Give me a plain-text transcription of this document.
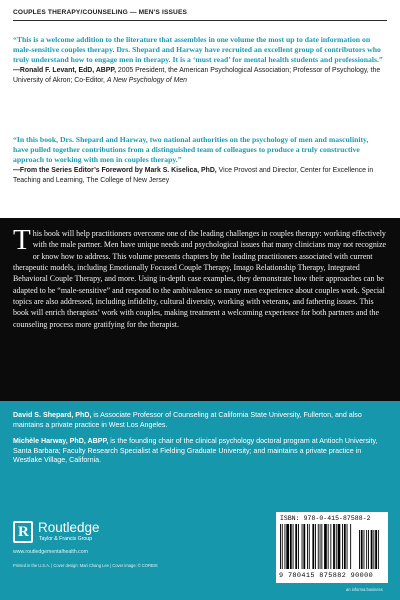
COUPLES THERAPY/COUNSELING — MEN'S ISSUES

“This is a welcome addition to the literature that assembles in one volume the most up to date information on male-sensitive couples therapy. Drs. Shepard and Harway have recruited an excellent group of contributors who truly understand how to engage men in therapy. It is a ‘must read’ for mental health students and professionals.”

—Ronald F. Levant, EdD, ABPP, 2005 President, the American Psychological Association; Professor of Psychology, the University of Akron; Co-Editor, A New Psychology of Men

“In this book, Drs. Shepard and Harway, two national authorities on the psychology of men and masculinity, have pulled together contributions from a distinguished team of colleagues to produce a truly constructive approach to working with men in couples therapy.”

—From the Series Editor’s Foreword by Mark S. Kiselica, PhD, Vice Provost and Director, Center for Excellence in Teaching and Learning, The College of New Jersey

This book will help practitioners overcome one of the leading challenges in couples therapy: working effectively with the male partner. Men have unique needs and psychological issues that many clinicians may not recognize or know how to address. This volume presents chapters by the leading practitioners associated with current therapeutic models, including Emotionally Focused Couple Therapy, Imago Relationship Therapy, Integrated Behavioral Couple Therapy, and more. Using in-depth case examples, they demonstrate how their approaches can be adapted to be “male-sensitive” and respond to the ambivalence so many men experience about couples work. Special topics are also addressed, including infidelity, cultural diversity, working with veterans, and fathering issues. This book will enrich therapists’ work with couples, making treatment a welcoming experience for both partners and the counseling process more gratifying for the therapist.

David S. Shepard, PhD, is Associate Professor of Counseling at California State University, Fullerton, and also maintains a private practice in West Los Angeles.

Michèle Harway, PhD, ABPP, is the founding chair of the clinical psychology doctoral program at Antioch University, Santa Barbara; Faculty Research Specialist at Fielding Graduate University; and maintains a private practice in Westlake Village, California.

R Routledge
Taylor & Francis Group
www.routledgementalhealth.com
Printed in the U.S.A. | Cover design: Mari Chang Lee | Cover image: © CORBIS
ISBN: 978-0-415-87588-2
9 780415 875882 90000
an informa business
